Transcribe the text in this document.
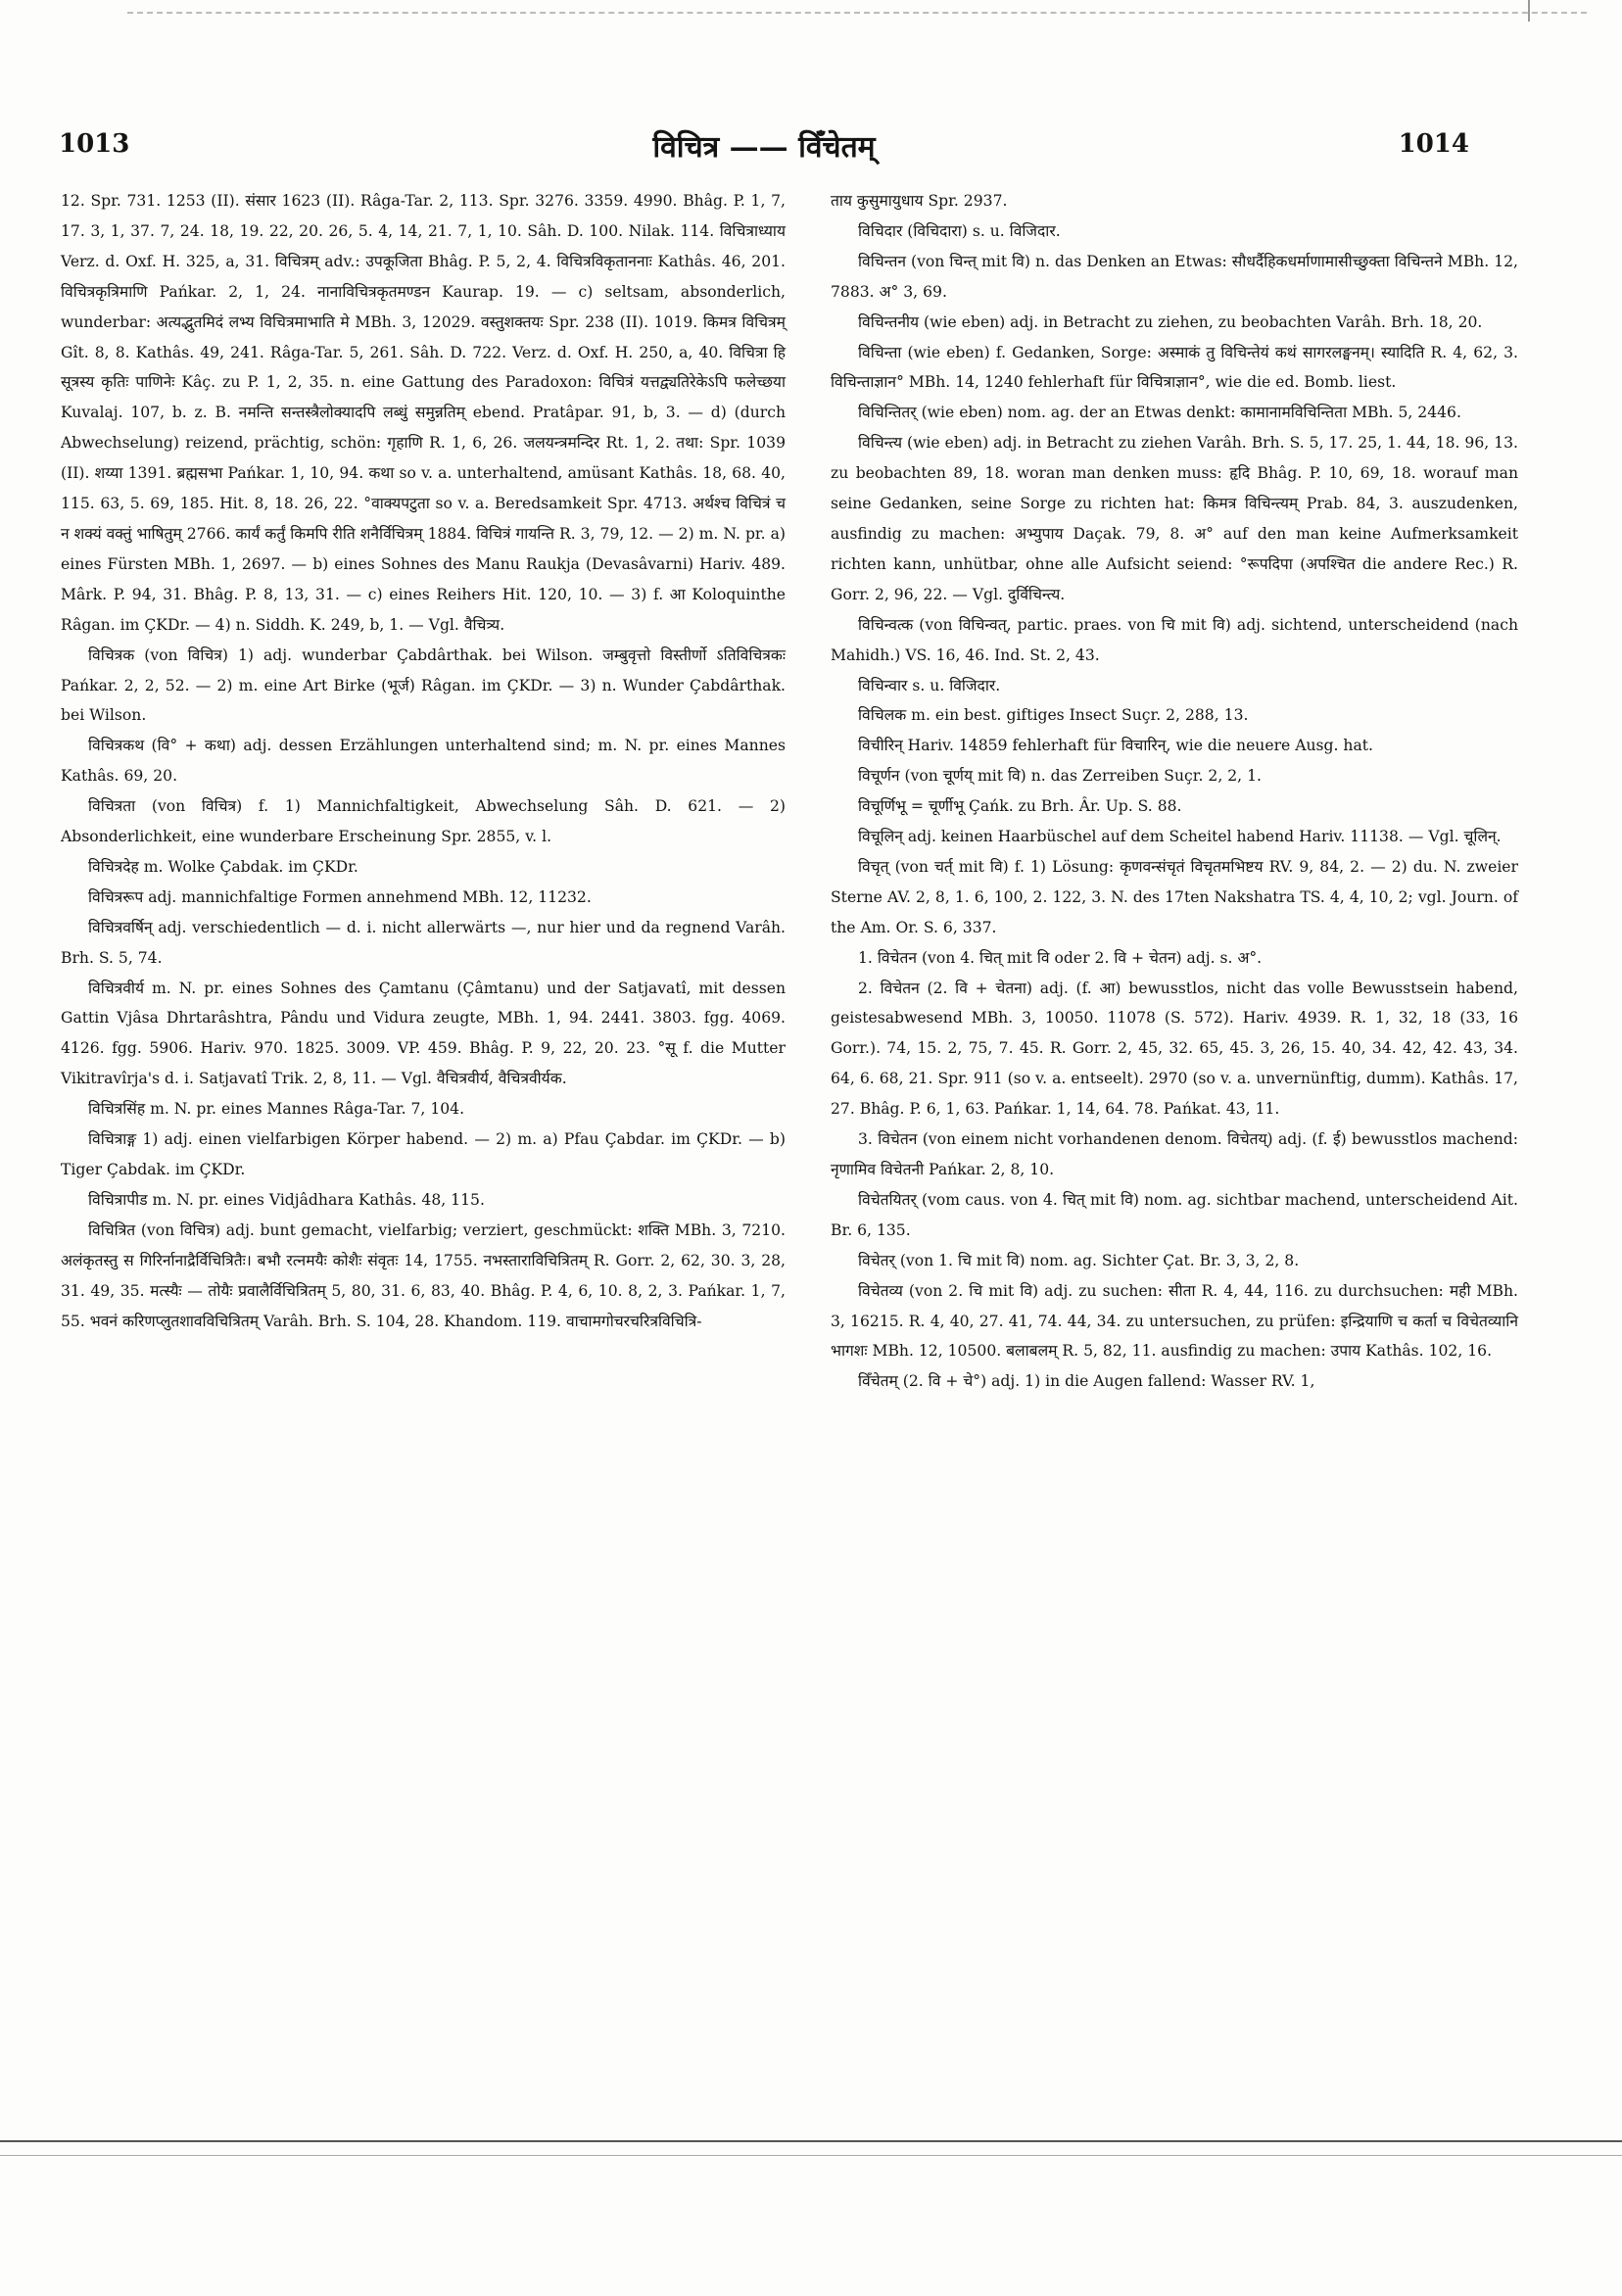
1013	विचित्र —— विँचेतम्	1014

12. Spr. 731. 1253 (II). संसार 1623 (II). Râga-Tar. 2, 113. Spr. 3276. 3359. 4990. Bhâg. P. 1, 7, 17. 3, 1, 37. 7, 24. 18, 19. 22, 20. 26, 5. 4, 14, 21. 7, 1, 10. Sâh. D. 100. Nilak. 114. विचित्राध्याय Verz. d. Oxf. H. 325, a, 31. विचित्रम् adv.: उपकूजिता Bhâg. P. 5, 2, 4. विचित्रविकृताननाः Kathâs. 46, 201. विचित्रकृत्रिमाणि Pańkar. 2, 1, 24. नानाविचित्रकृतमण्डन Kaurap. 19. — c) seltsam, absonderlich, wunderbar: अत्यद्भुतमिदं लभ्य विचित्रमाभाति मे MBh. 3, 12029. वस्तुशक्तयः Spr. 238 (II). 1019. किमत्र विचित्रम् Gît. 8, 8. Kathâs. 49, 241. Râga-Tar. 5, 261. Sâh. D. 722. Verz. d. Oxf. H. 250, a, 40. विचित्रा हि सूत्रस्य कृतिः पाणिनेः Kâç. zu P. 1, 2, 35. n. eine Gattung des Paradoxon: विचित्रं यत्तद्व्यतिरेकेऽपि फलेच्छया Kuvalaj. 107, b. z. B. नमन्ति सन्तस्त्रैलोक्यादपि लब्धुं समुन्नतिम् ebend. Pratâpar. 91, b, 3. — d) (durch Abwechselung) reizend, prächtig, schön: गृहाणि R. 1, 6, 26. जलयन्त्रमन्दिर Rt. 1, 2. तथा: Spr. 1039 (II). शय्या 1391. ब्रह्मसभा Pańkar. 1, 10, 94. कथा so v. a. unterhaltend, amüsant Kathâs. 18, 68. 40, 115. 63, 5. 69, 185. Hit. 8, 18. 26, 22. °वाक्यपटुता so v. a. Beredsamkeit Spr. 4713. अर्थश्च विचित्रं च न शक्यं वक्तुं भाषितुम् 2766. कार्यं कर्तुं किमपि रीति शनैर्विचित्रम् 1884. विचित्रं गायन्ति R. 3, 79, 12. — 2) m. N. pr. a) eines Fürsten MBh. 1, 2697. — b) eines Sohnes des Manu Raukja (Devasâvarni) Hariv. 489. Mârk. P. 94, 31. Bhâg. P. 8, 13, 31. — c) eines Reihers Hit. 120, 10. — 3) f. आ Koloquinthe Râgan. im ÇKDr. — 4) n. Siddh. K. 249, b, 1. — Vgl. वैचित्र्य.

विचित्रक (von विचित्र) 1) adj. wunderbar Çabdârthak. bei Wilson. जम्बुवृत्तो विस्तीर्णो ऽतिविचित्रकः Pańkar. 2, 2, 52. — 2) m. eine Art Birke (भूर्ज) Râgan. im ÇKDr. — 3) n. Wunder Çabdârthak. bei Wilson.

विचित्रकथ (वि° + कथा) adj. dessen Erzählungen unterhaltend sind; m. N. pr. eines Mannes Kathâs. 69, 20.

विचित्रता (von विचित्र) f. 1) Mannichfaltigkeit, Abwechselung Sâh. D. 621. — 2) Absonderlichkeit, eine wunderbare Erscheinung Spr. 2855, v. l.

विचित्रदेह m. Wolke Çabdak. im ÇKDr.

विचित्ररूप adj. mannichfaltige Formen annehmend MBh. 12, 11232.

विचित्रवर्षिन् adj. verschiedentlich — d. i. nicht allerwärts —, nur hier und da regnend Varâh. Brh. S. 5, 74.

विचित्रवीर्य m. N. pr. eines Sohnes des Çamtanu (Çâmtanu) und der Satjavatî, mit dessen Gattin Vjâsa Dhrtarâshtra, Pându und Vidura zeugte, MBh. 1, 94. 2441. 3803. fgg. 4069. 4126. fgg. 5906. Hariv. 970. 1825. 3009. VP. 459. Bhâg. P. 9, 22, 20. 23. °सू f. die Mutter Vikitravîrja's d. i. Satjavatî Trik. 2, 8, 11. — Vgl. वैचित्रवीर्य, वैचित्रवीर्यक.

विचित्रसिंह m. N. pr. eines Mannes Râga-Tar. 7, 104.

विचित्राङ्ग 1) adj. einen vielfarbigen Körper habend. — 2) m. a) Pfau Çabdar. im ÇKDr. — b) Tiger Çabdak. im ÇKDr.

विचित्रापीड m. N. pr. eines Vidjâdhara Kathâs. 48, 115.

विचित्रित (von विचित्र) adj. bunt gemacht, vielfarbig; verziert, geschmückt: शक्ति MBh. 3, 7210. अलंकृतस्तु स गिरिर्नानाद्रैर्विचित्रितैः। बभौ रत्नमयैः कोशैः संवृतः 14, 1755. नभस्ताराविचित्रितम् R. Gorr. 2, 62, 30. 3, 28, 31. 49, 35. मत्स्यैः — तोयैः प्रवालैर्विचित्रितम् 5, 80, 31. 6, 83, 40. Bhâg. P. 4, 6, 10. 8, 2, 3. Pańkar. 1, 7, 55. भवनं करिणप्लुतशावविचित्रितम् Varâh. Brh. S. 104, 28. Khandom. 119. वाचामगोचरचरित्रविचित्रि-

ताय कुसुमायुधाय Spr. 2937.

विचिदार (विचिदारा) s. u. विजिदार.

विचिन्तन (von चिन्त् mit वि) n. das Denken an Etwas: सौधर्दैहिकधर्माणामासीच्छुक्ता विचिन्तने MBh. 12, 7883. अ° 3, 69.

विचिन्तनीय (wie eben) adj. in Betracht zu ziehen, zu beobachten Varâh. Brh. 18, 20.

विचिन्ता (wie eben) f. Gedanken, Sorge: अस्माकं तु विचिन्तेयं कथं सागरलङ्घनम्। स्यादिति R. 4, 62, 3. विचिन्ताज्ञान° MBh. 14, 1240 fehlerhaft für विचित्राज्ञान°, wie die ed. Bomb. liest.

विचिन्तितर् (wie eben) nom. ag. der an Etwas denkt: कामानामविचिन्तिता MBh. 5, 2446.

विचिन्त्य (wie eben) adj. in Betracht zu ziehen Varâh. Brh. S. 5, 17. 25, 1. 44, 18. 96, 13. zu beobachten 89, 18. woran man denken muss: हृदि Bhâg. P. 10, 69, 18. worauf man seine Gedanken, seine Sorge zu richten hat: किमत्र विचिन्त्यम् Prab. 84, 3. auszudenken, ausfindig zu machen: अभ्युपाय Daçak. 79, 8. अ° auf den man keine Aufmerksamkeit richten kann, unhütbar, ohne alle Aufsicht seiend: °रूपदिपा (अपश्चित die andere Rec.) R. Gorr. 2, 96, 22. — Vgl. दुर्विचिन्त्य.

विचिन्वत्क (von विचिन्वत्, partic. praes. von चि mit वि) adj. sichtend, unterscheidend (nach Mahidh.) VS. 16, 46. Ind. St. 2, 43.

विचिन्वार s. u. विजिदार.

विचिलक m. ein best. giftiges Insect Suçr. 2, 288, 13.

विचीरिन् Hariv. 14859 fehlerhaft für विचारिन्, wie die neuere Ausg. hat.

विचूर्णन (von चूर्णय् mit वि) n. das Zerreiben Suçr. 2, 2, 1.

विचूर्णिभू = चूर्णीभू Çańk. zu Brh. Âr. Up. S. 88.

विचूलिन् adj. keinen Haarbüschel auf dem Scheitel habend Hariv. 11138. — Vgl. चूलिन्.

विचृत् (von चर्त् mit वि) f. 1) Lösung: कृणवन्संचृतं विचृतमभिष्टय RV. 9, 84, 2. — 2) du. N. zweier Sterne AV. 2, 8, 1. 6, 100, 2. 122, 3. N. des 17ten Nakshatra TS. 4, 4, 10, 2; vgl. Journ. of the Am. Or. S. 6, 337.

1. विचेतन (von 4. चित् mit वि oder 2. वि + चेतन) adj. s. अ°.

2. विचेतन (2. वि + चेतना) adj. (f. आ) bewusstlos, nicht das volle Bewusstsein habend, geistesabwesend MBh. 3, 10050. 11078 (S. 572). Hariv. 4939. R. 1, 32, 18 (33, 16 Gorr.). 74, 15. 2, 75, 7. 45. R. Gorr. 2, 45, 32. 65, 45. 3, 26, 15. 40, 34. 42, 42. 43, 34. 64, 6. 68, 21. Spr. 911 (so v. a. entseelt). 2970 (so v. a. unvernünftig, dumm). Kathâs. 17, 27. Bhâg. P. 6, 1, 63. Pańkar. 1, 14, 64. 78. Pańkat. 43, 11.

3. विचेतन (von einem nicht vorhandenen denom. विचेतय्) adj. (f. ई) bewusstlos machend: नृणामिव विचेतनी Pańkar. 2, 8, 10.

विचेतयितर् (vom caus. von 4. चित् mit वि) nom. ag. sichtbar machend, unterscheidend Ait. Br. 6, 135.

विचेतर् (von 1. चि mit वि) nom. ag. Sichter Çat. Br. 3, 3, 2, 8.

विचेतव्य (von 2. चि mit वि) adj. zu suchen: सीता R. 4, 44, 116. zu durchsuchen: मही MBh. 3, 16215. R. 4, 40, 27. 41, 74. 44, 34. zu untersuchen, zu prüfen: इन्द्रियाणि च कर्ता च विचेतव्यानि भागशः MBh. 12, 10500. बलाबलम् R. 5, 82, 11. ausfindig zu machen: उपाय Kathâs. 102, 16.

विँचेतम् (2. वि + चे°) adj. 1) in die Augen fallend: Wasser RV. 1,
